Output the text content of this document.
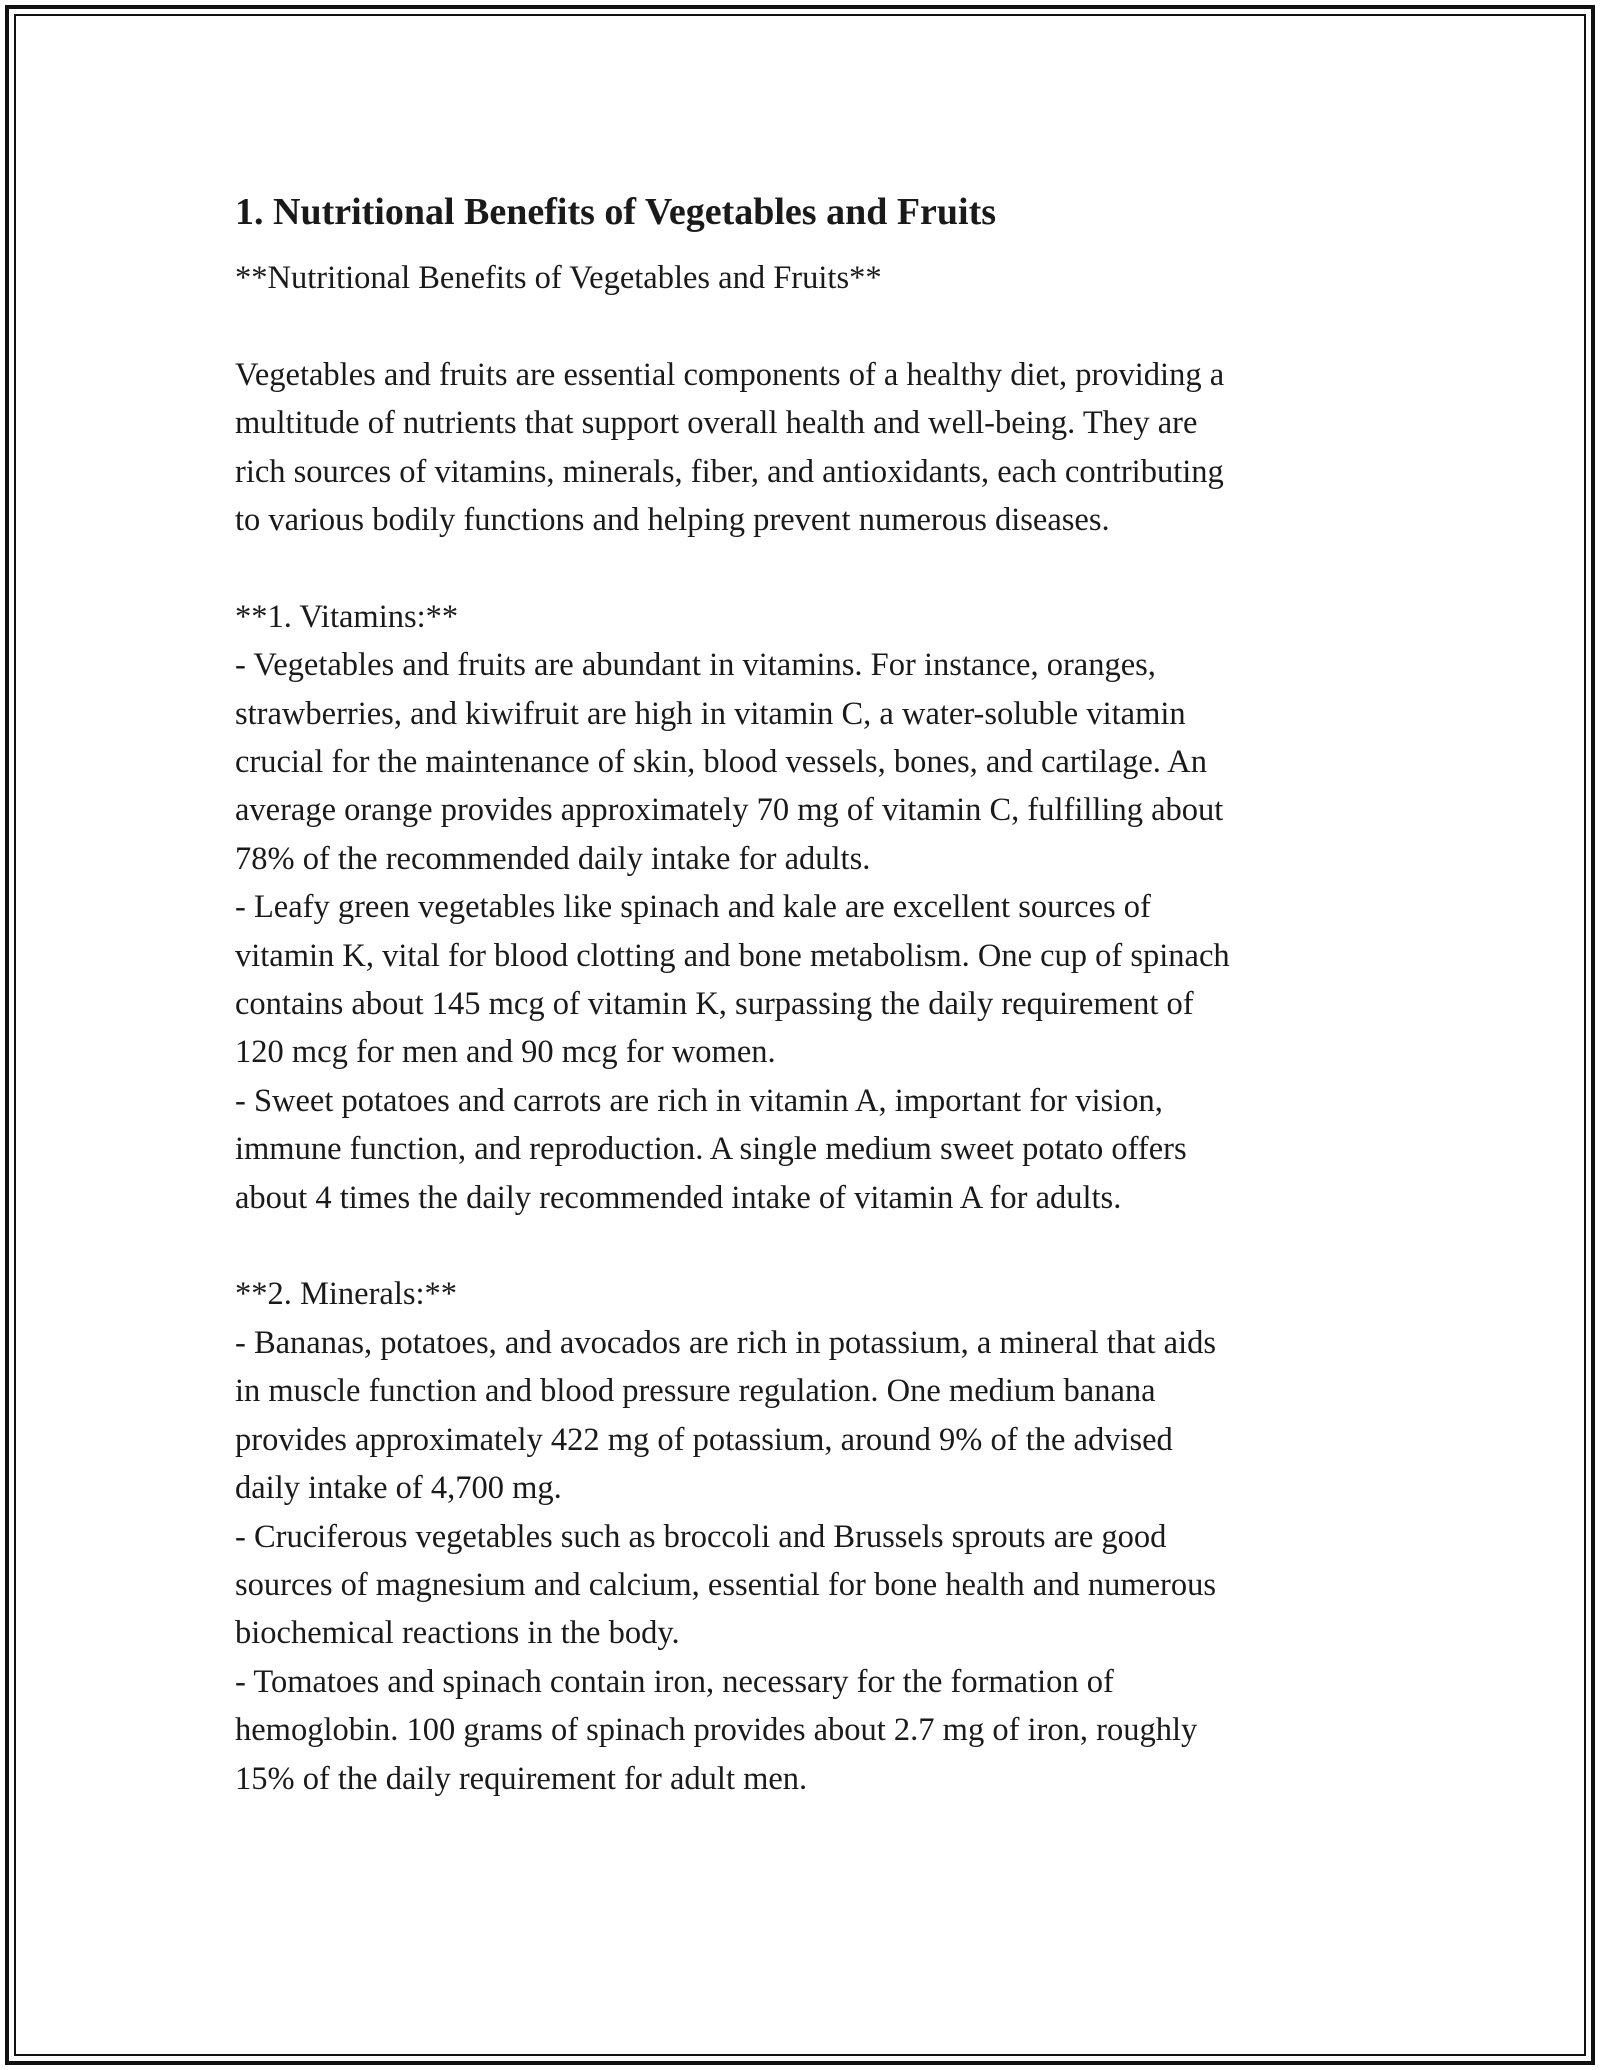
1. Nutritional Benefits of Vegetables and Fruits
**Nutritional Benefits of Vegetables and Fruits**
Vegetables and fruits are essential components of a healthy diet, providing a
multitude of nutrients that support overall health and well-being. They are
rich sources of vitamins, minerals, fiber, and antioxidants, each contributing
to various bodily functions and helping prevent numerous diseases.
**1. Vitamins:**
- Vegetables and fruits are abundant in vitamins. For instance, oranges,
strawberries, and kiwifruit are high in vitamin C, a water-soluble vitamin
crucial for the maintenance of skin, blood vessels, bones, and cartilage. An
average orange provides approximately 70 mg of vitamin C, fulfilling about
78% of the recommended daily intake for adults.
- Leafy green vegetables like spinach and kale are excellent sources of
vitamin K, vital for blood clotting and bone metabolism. One cup of spinach
contains about 145 mcg of vitamin K, surpassing the daily requirement of
120 mcg for men and 90 mcg for women.
- Sweet potatoes and carrots are rich in vitamin A, important for vision,
immune function, and reproduction. A single medium sweet potato offers
about 4 times the daily recommended intake of vitamin A for adults.
**2. Minerals:**
- Bananas, potatoes, and avocados are rich in potassium, a mineral that aids
in muscle function and blood pressure regulation. One medium banana
provides approximately 422 mg of potassium, around 9% of the advised
daily intake of 4,700 mg.
- Cruciferous vegetables such as broccoli and Brussels sprouts are good
sources of magnesium and calcium, essential for bone health and numerous
biochemical reactions in the body.
- Tomatoes and spinach contain iron, necessary for the formation of
hemoglobin. 100 grams of spinach provides about 2.7 mg of iron, roughly
15% of the daily requirement for adult men.
